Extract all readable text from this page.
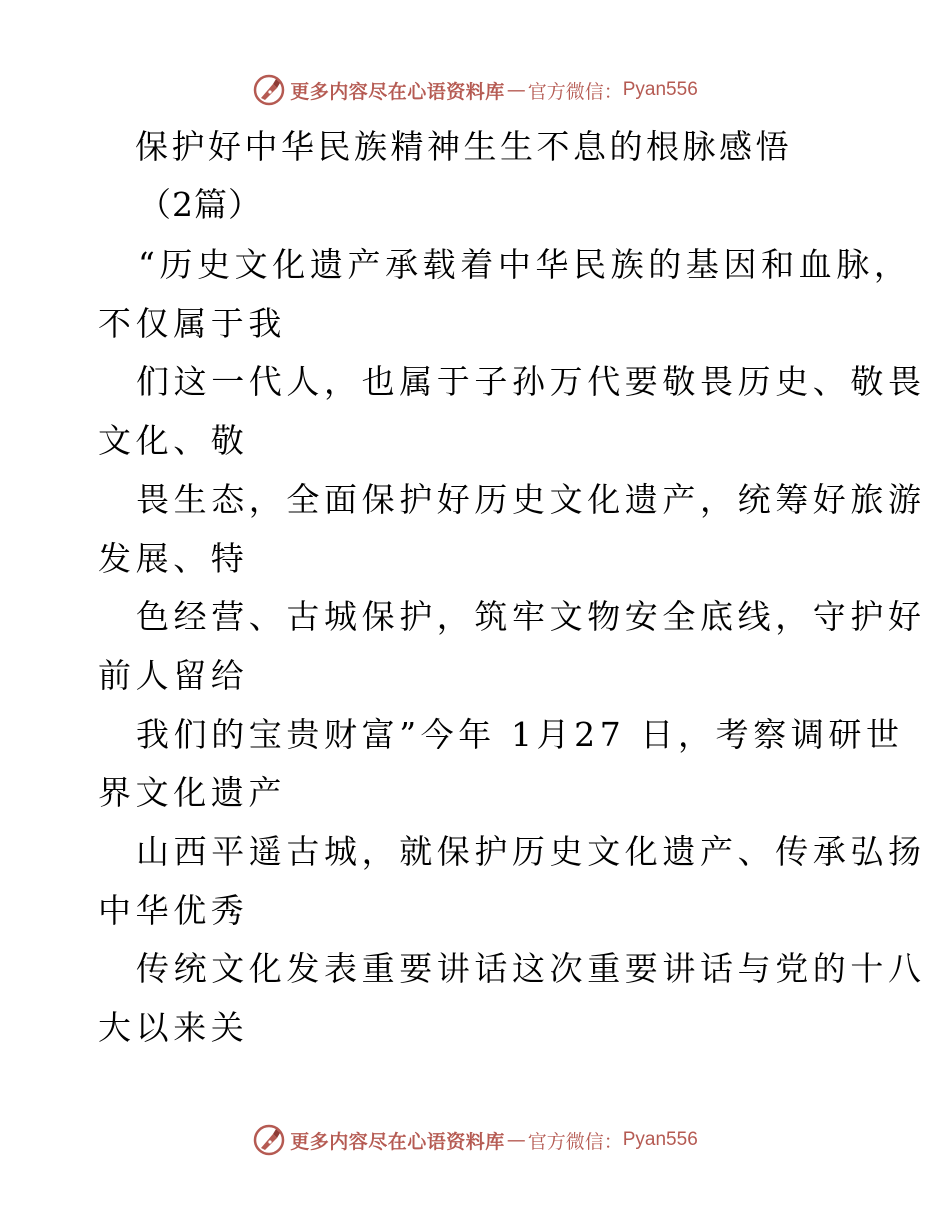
更多内容尽在心语资料库 — 官方微信： Pyan556
保护好中华民族精神生生不息的根脉感悟
（2篇）
“历史文化遗产承载着中华民族的基因和血脉，
不仅属于我
们这一代人，也属于子孙万代要敬畏历史、敬畏
文化、敬
畏生态，全面保护好历史文化遗产，统筹好旅游
发展、特
色经营、古城保护，筑牢文物安全底线，守护好
前人留给
我们的宝贵财富”今年 1月27 日，考察调研世
界文化遗产
山西平遥古城，就保护历史文化遗产、传承弘扬
中华优秀
传统文化发表重要讲话这次重要讲话与党的十八
大以来关
更多内容尽在心语资料库 — 官方微信： Pyan556
